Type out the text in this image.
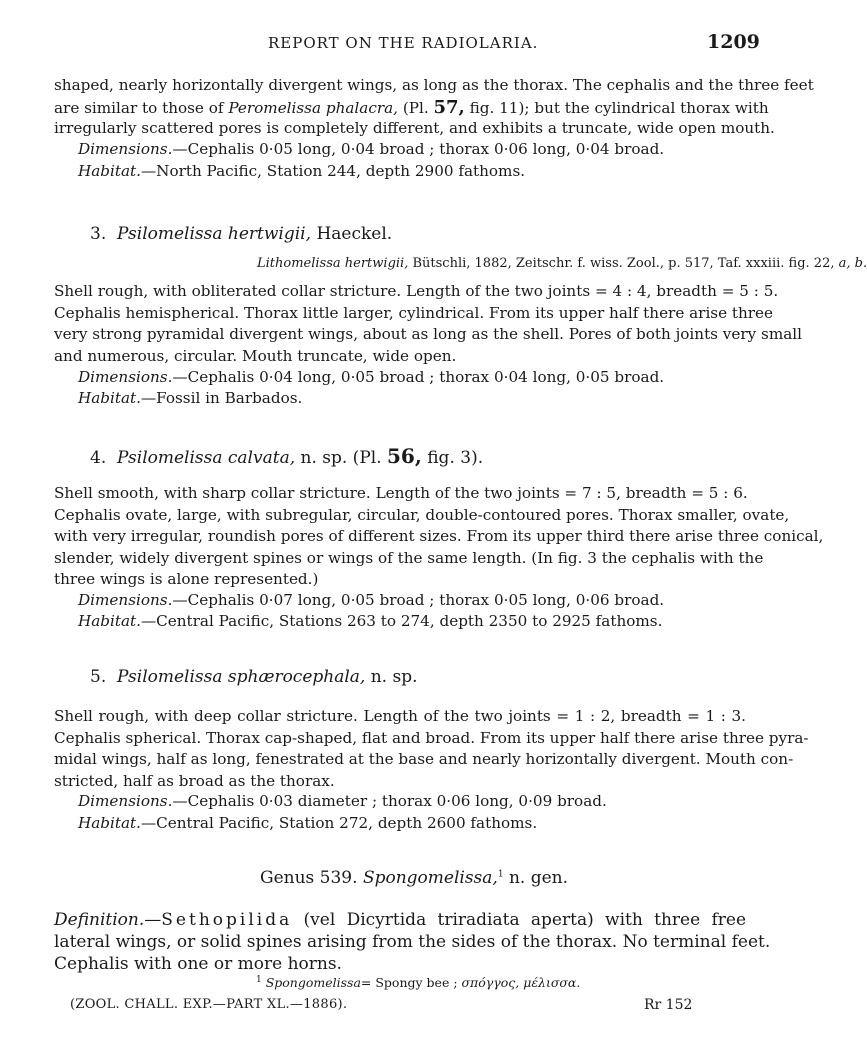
REPORT ON THE RADIOLARIA.	1209
shaped, nearly horizontally divergent wings, as long as the thorax. The cephalis and the three feet
are similar to those of Peromelissa phalacra, (Pl. 57, fig. 11); but the cylindrical thorax with
irregularly scattered pores is completely different, and exhibits a truncate, wide open mouth.
Dimensions.—Cephalis 0·05 long, 0·04 broad ; thorax 0·06 long, 0·04 broad.
Habitat.—North Pacific, Station 244, depth 2900 fathoms.
3. Psilomelissa hertwigii, Haeckel.
Lithomelissa hertwigii, Bütschli, 1882, Zeitschr. f. wiss. Zool., p. 517, Taf. xxxiii. fig. 22, a, b.
Shell rough, with obliterated collar stricture. Length of the two joints = 4 : 4, breadth = 5 : 5.
Cephalis hemispherical. Thorax little larger, cylindrical. From its upper half there arise three
very strong pyramidal divergent wings, about as long as the shell. Pores of both joints very small
and numerous, circular. Mouth truncate, wide open.
Dimensions.—Cephalis 0·04 long, 0·05 broad ; thorax 0·04 long, 0·05 broad.
Habitat.—Fossil in Barbados.
4. Psilomelissa calvata, n. sp. (Pl. 56, fig. 3).
Shell smooth, with sharp collar stricture. Length of the two joints = 7 : 5, breadth = 5 : 6.
Cephalis ovate, large, with subregular, circular, double-contoured pores. Thorax smaller, ovate,
with very irregular, roundish pores of different sizes. From its upper third there arise three conical,
slender, widely divergent spines or wings of the same length. (In fig. 3 the cephalis with the
three wings is alone represented.)
Dimensions.—Cephalis 0·07 long, 0·05 broad ; thorax 0·05 long, 0·06 broad.
Habitat.—Central Pacific, Stations 263 to 274, depth 2350 to 2925 fathoms.
5. Psilomelissa sphærocephala, n. sp.
Shell rough, with deep collar stricture. Length of the two joints = 1 : 2, breadth = 1 : 3.
Cephalis spherical. Thorax cap-shaped, flat and broad. From its upper half there arise three pyra-
midal wings, half as long, fenestrated at the base and nearly horizontally divergent. Mouth con-
stricted, half as broad as the thorax.
Dimensions.—Cephalis 0·03 diameter ; thorax 0·06 long, 0·09 broad.
Habitat.—Central Pacific, Station 272, depth 2600 fathoms.
Genus 539. Spongomelissa,$^1$ n. gen.
Definition.—Sethopilida (vel Dicyrtida triradiata aperta) with three free
lateral wings, or solid spines arising from the sides of the thorax. No terminal feet.
Cephalis with one or more horns.
$^1$ Spongomelissa= Spongy bee ; σπόγγος, μέλισσα.
(ZOOL. CHALL. EXP.—PART XL.—1886).	Rr 152
